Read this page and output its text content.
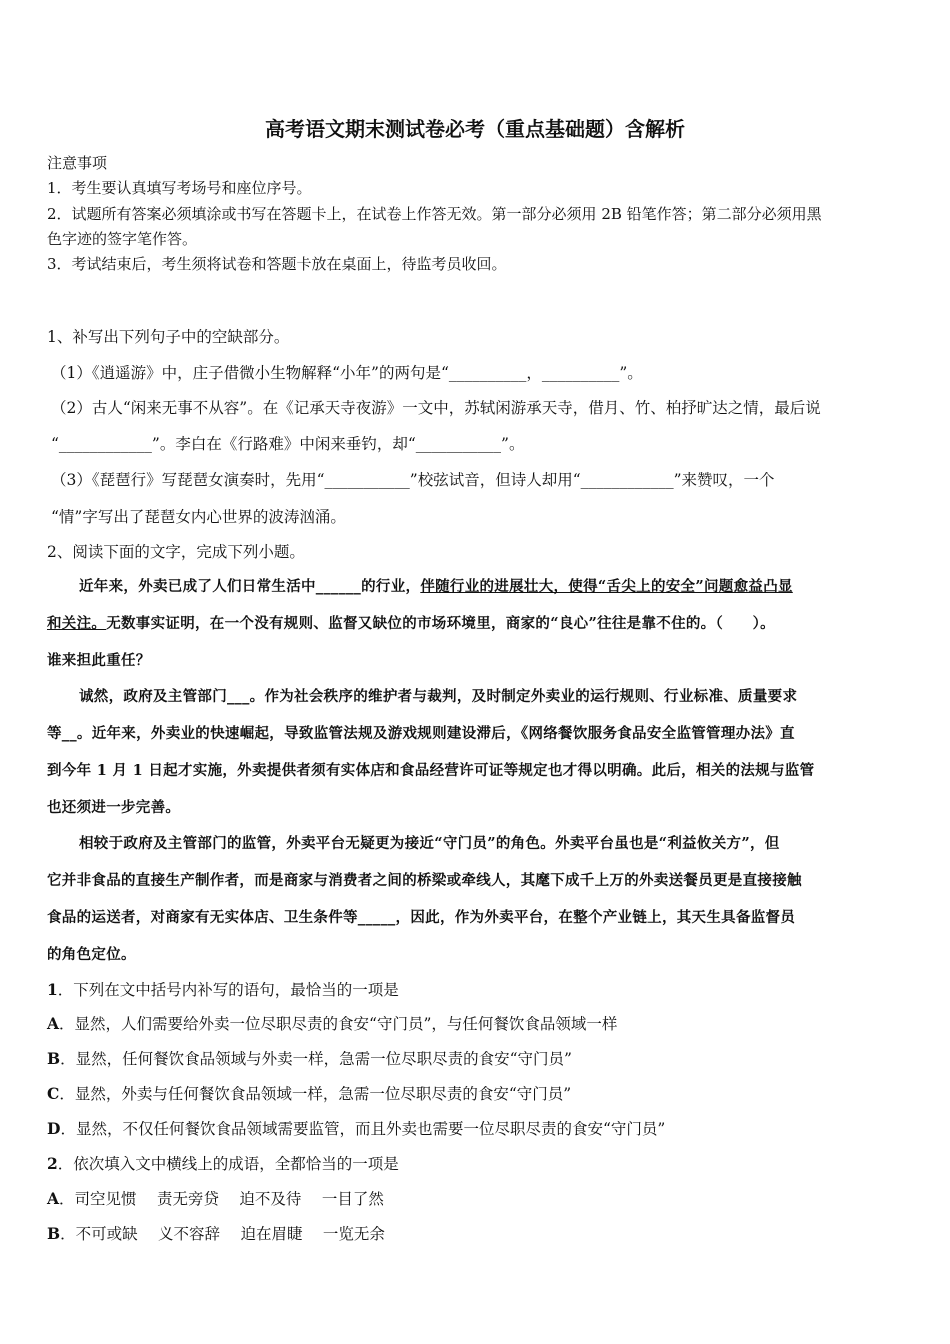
高考语文期末测试卷必考（重点基础题）含解析
注意事项
1．考生要认真填写考场号和座位序号。
2．试题所有答案必须填涂或书写在答题卡上，在试卷上作答无效。第一部分必须用 2B 铅笔作答；第二部分必须用黑
色字迹的签字笔作答。
3．考试结束后，考生须将试卷和答题卡放在桌面上，待监考员收回。
1、补写出下列句子中的空缺部分。
（1）《逍遥游》中，庄子借微小生物解释“小年”的两句是“__________，__________”。
（2）古人“闲来无事不从容”。在《记承天寺夜游》一文中，苏轼闲游承天寺，借月、竹、柏抒旷达之情，最后说
“____________”。李白在《行路难》中闲来垂钓，却“___________”。
（3）《琵琶行》写琵琶女演奏时，先用“___________”校弦试音，但诗人却用“____________”来赞叹，一个
“情”字写出了琵琶女内心世界的波涛汹涌。
2、阅读下面的文字，完成下列小题。
近年来，外卖已成了人们日常生活中______的行业，伴随行业的进展壮大，使得“舌尖上的安全”问题愈益凸显
和关注。无数事实证明，在一个没有规则、监督又缺位的市场环境里，商家的“良心”往往是靠不住的。（　　）。
谁来担此重任？
诚然，政府及主管部门___。作为社会秩序的维护者与裁判，及时制定外卖业的运行规则、行业标准、质量要求
等__。近年来，外卖业的快速崛起，导致监管法规及游戏规则建设滞后，《网络餐饮服务食品安全监管管理办法》直
到今年 1 月 1 日起才实施，外卖提供者须有实体店和食品经营许可证等规定也才得以明确。此后，相关的法规与监管
也还须进一步完善。
相较于政府及主管部门的监管，外卖平台无疑更为接近“守门员”的角色。外卖平台虽也是“利益攸关方”，但
它并非食品的直接生产制作者，而是商家与消费者之间的桥梁或牵线人，其麾下成千上万的外卖送餐员更是直接接触
食品的运送者，对商家有无实体店、卫生条件等_____，因此，作为外卖平台，在整个产业链上，其天生具备监督员
的角色定位。
1．下列在文中括号内补写的语句，最恰当的一项是
A．显然，人们需要给外卖一位尽职尽责的食安“守门员”，与任何餐饮食品领域一样
B．显然，任何餐饮食品领域与外卖一样，急需一位尽职尽责的食安“守门员”
C．显然，外卖与任何餐饮食品领域一样，急需一位尽职尽责的食安“守门员”
D．显然，不仅任何餐饮食品领域需要监管，而且外卖也需要一位尽职尽责的食安“守门员”
2．依次填入文中横线上的成语，全都恰当的一项是
A．司空见惯　 责无旁贷　 迫不及待　 一目了然
B．不可或缺　 义不容辞　 迫在眉睫　 一览无余
